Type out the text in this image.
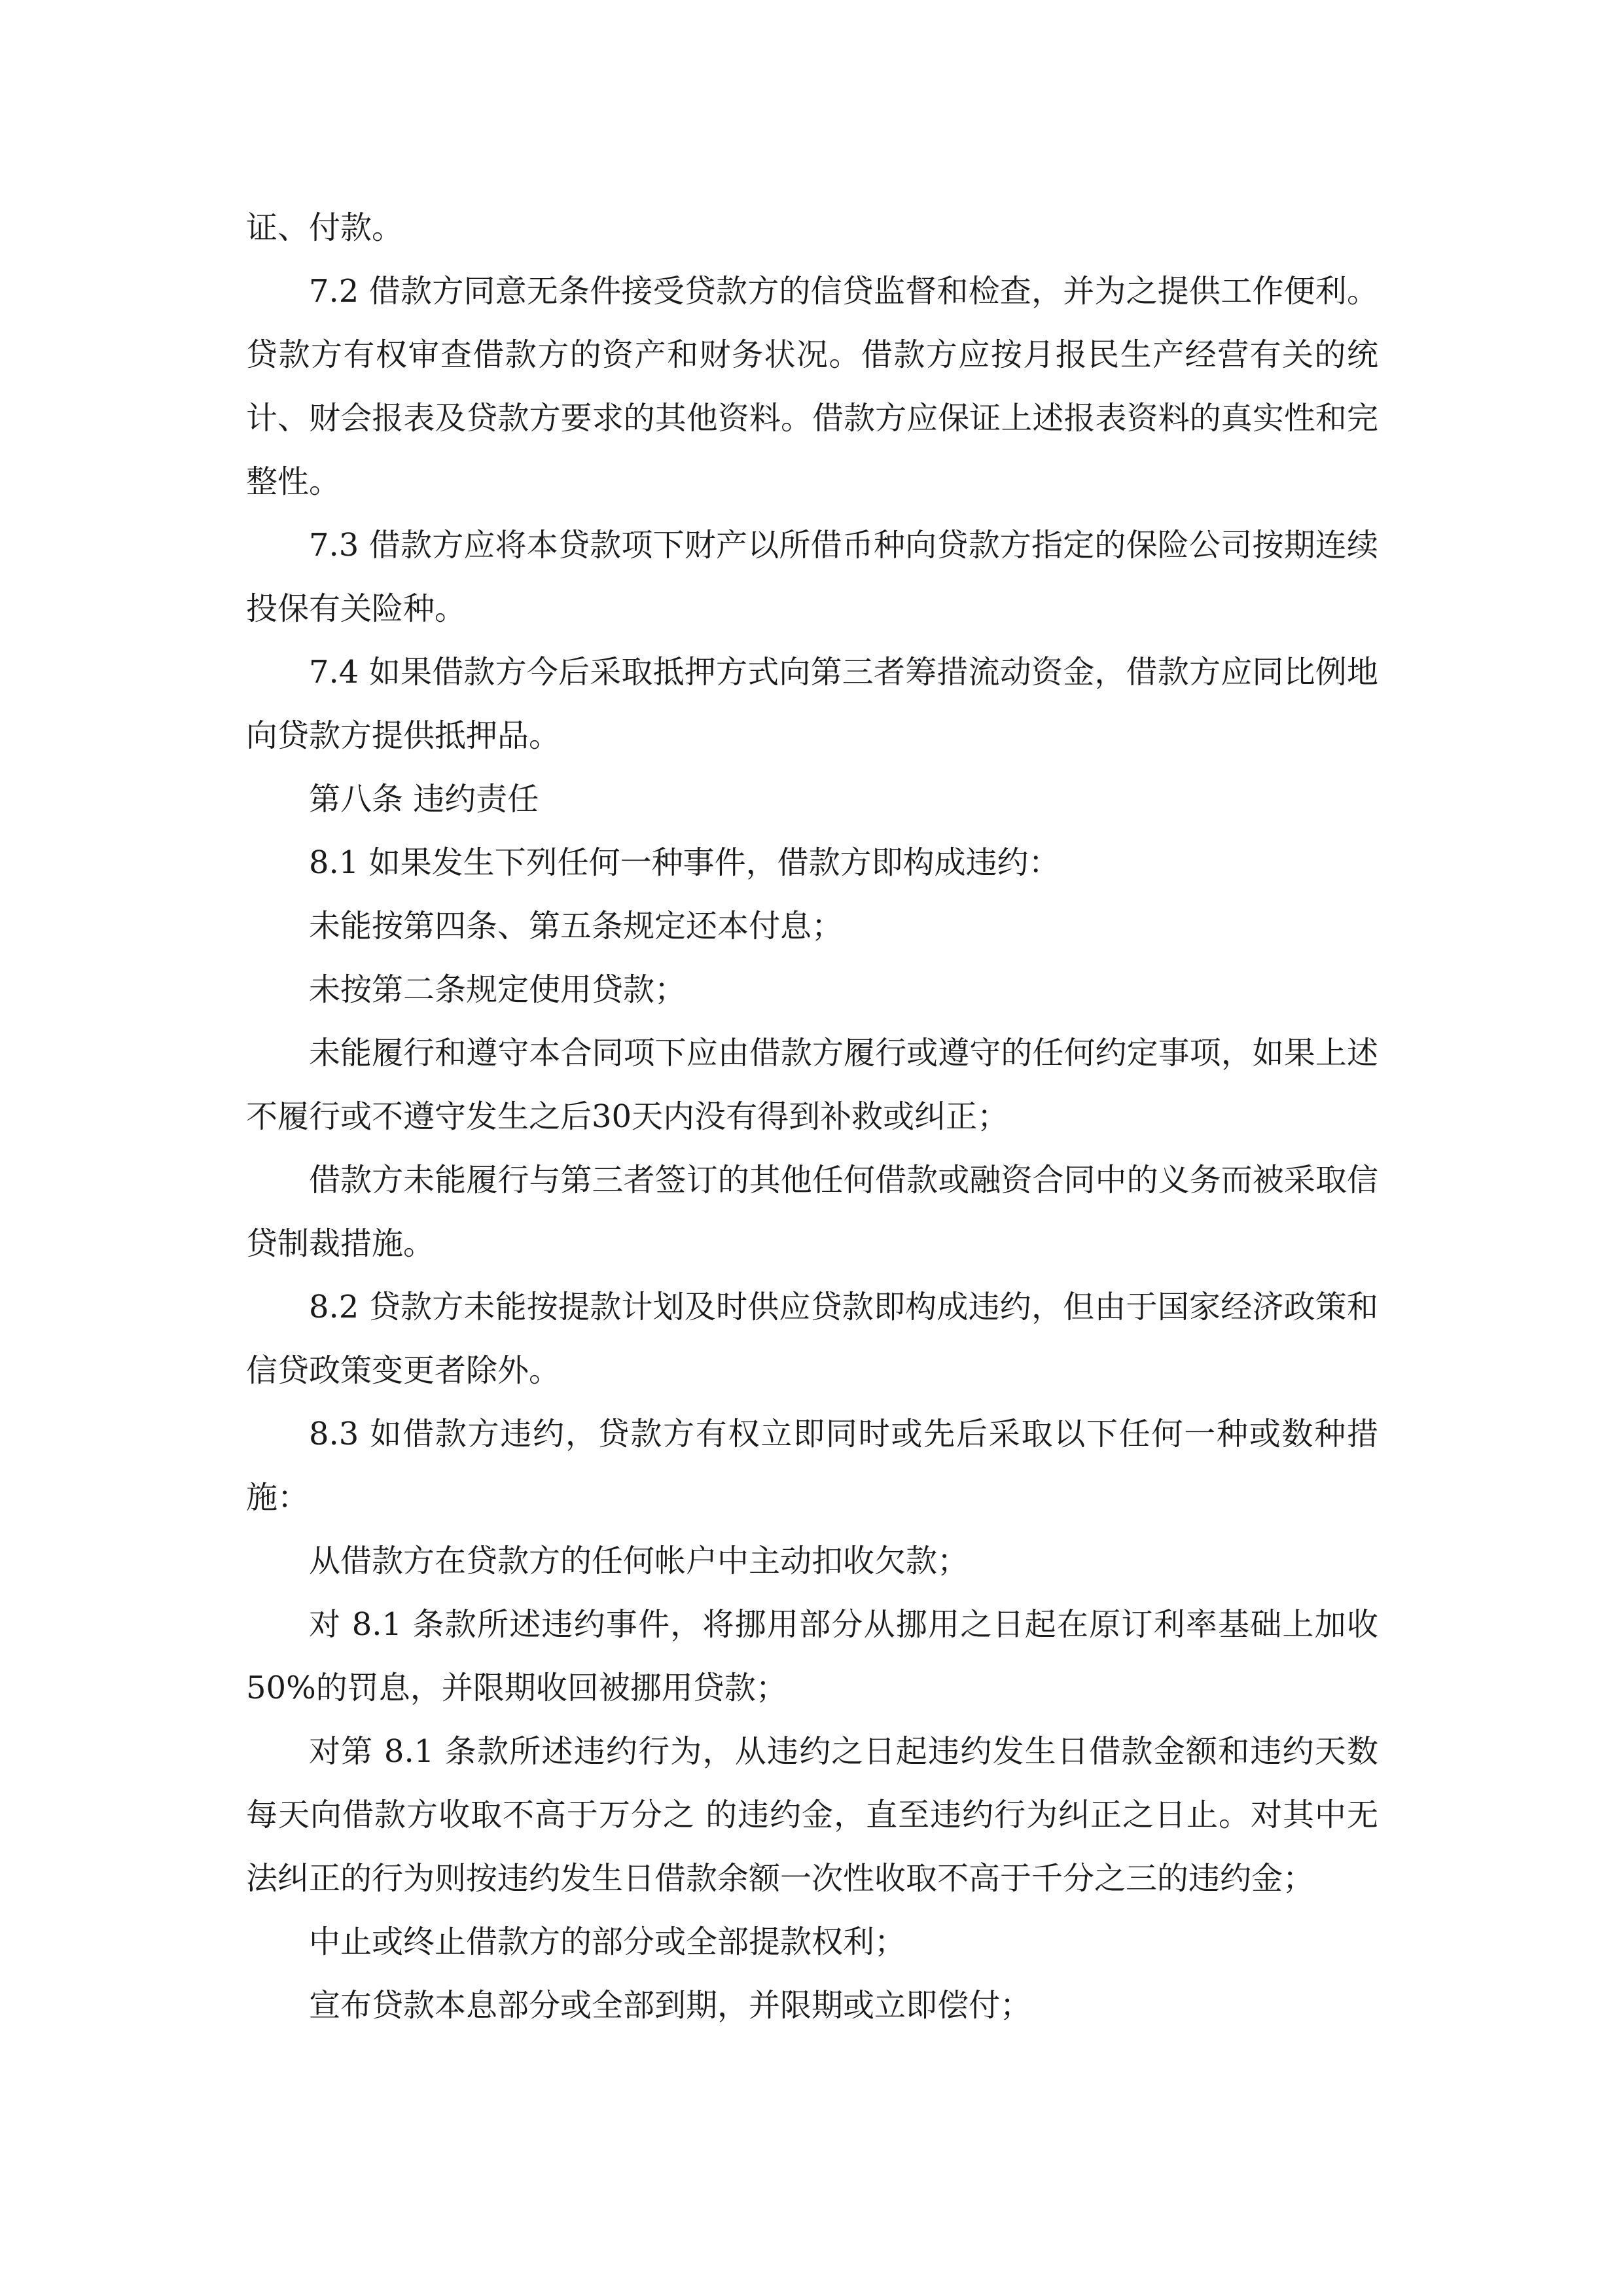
证、付款。

7.2 借款方同意无条件接受贷款方的信贷监督和检查，并为之提供工作便利。贷款方有权审查借款方的资产和财务状况。借款方应按月报民生产经营有关的统计、财会报表及贷款方要求的其他资料。借款方应保证上述报表资料的真实性和完整性。

7.3 借款方应将本贷款项下财产以所借币种向贷款方指定的保险公司按期连续投保有关险种。

7.4 如果借款方今后采取抵押方式向第三者筹措流动资金，借款方应同比例地向贷款方提供抵押品。

第八条 违约责任

8.1 如果发生下列任何一种事件，借款方即构成违约：

未能按第四条、第五条规定还本付息；

未按第二条规定使用贷款；

未能履行和遵守本合同项下应由借款方履行或遵守的任何约定事项，如果上述不履行或不遵守发生之后30天内没有得到补救或纠正；

借款方未能履行与第三者签订的其他任何借款或融资合同中的义务而被采取信贷制裁措施。

8.2 贷款方未能按提款计划及时供应贷款即构成违约，但由于国家经济政策和信贷政策变更者除外。

8.3 如借款方违约，贷款方有权立即同时或先后采取以下任何一种或数种措施：

从借款方在贷款方的任何帐户中主动扣收欠款；

对 8.1 条款所述违约事件，将挪用部分从挪用之日起在原订利率基础上加收50%的罚息，并限期收回被挪用贷款；

对第 8.1 条款所述违约行为，从违约之日起违约发生日借款金额和违约天数每天向借款方收取不高于万分之 的违约金，直至违约行为纠正之日止。对其中无法纠正的行为则按违约发生日借款余额一次性收取不高于千分之三的违约金；

中止或终止借款方的部分或全部提款权利；

宣布贷款本息部分或全部到期，并限期或立即偿付；
